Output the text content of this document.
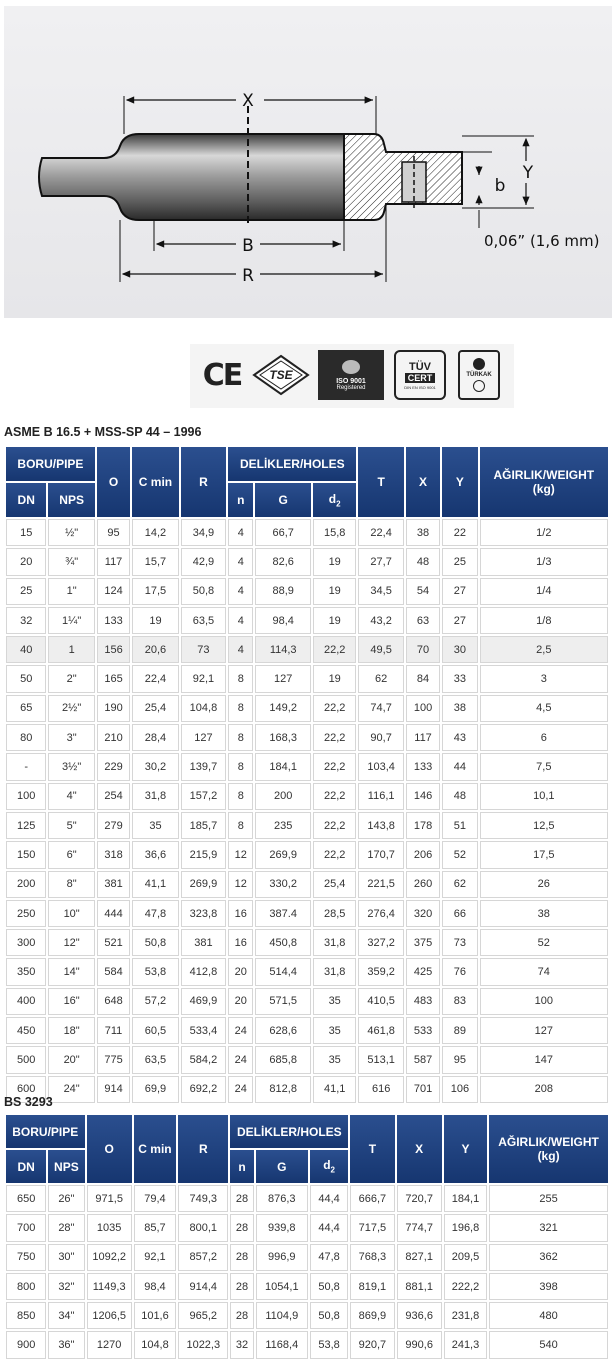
X
B
R
Y
b
0,06” (1,6 mm)
CE TSE	ISO 9001
Registered
TÜV
CERT
DIN EN ISO 9001
TÜRKAK
ASME B 16.5 + MSS-SP 44 – 1996
BORU/PIPE		O	C min	R	DELİKLER/HOLES			T	X	Y	AĞIRLIK/WEIGHT
(kg)
DN	NPS				n	G	$d_2$
15	½"	95	14,2	34,9	4	66,7	15,8	22,4	38	22	1/2
20	¾"	117	15,7	42,9	4	82,6	19	27,7	48	25	1/3
25	1"	124	17,5	50,8	4	88,9	19	34,5	54	27	1/4
32	1¼"	133	19	63,5	4	98,4	19	43,2	63	27	1/8
40	1	156	20,6	73	4	114,3	22,2	49,5	70	30	2,5
50	2"	165	22,4	92,1	8	127	19	62	84	33	3
65	2½"	190	25,4	104,8	8	149,2	22,2	74,7	100	38	4,5
80	3"	210	28,4	127	8	168,3	22,2	90,7	117	43	6
-	3½"	229	30,2	139,7	8	184,1	22,2	103,4	133	44	7,5
100	4"	254	31,8	157,2	8	200	22,2	116,1	146	48	10,1
125	5"	279	35	185,7	8	235	22,2	143,8	178	51	12,5
150	6"	318	36,6	215,9	12	269,9	22,2	170,7	206	52	17,5
200	8"	381	41,1	269,9	12	330,2	25,4	221,5	260	62	26
250	10"	444	47,8	323,8	16	387.4	28,5	276,4	320	66	38
300	12"	521	50,8	381	16	450,8	31,8	327,2	375	73	52
350	14"	584	53,8	412,8	20	514,4	31,8	359,2	425	76	74
400	16"	648	57,2	469,9	20	571,5	35	410,5	483	83	100
450	18"	711	60,5	533,4	24	628,6	35	461,8	533	89	127
500	20"	775	63,5	584,2	24	685,8	35	513,1	587	95	147
600	24"	914	69,9	692,2	24	812,8	41,1	616	701	106	208
BS 3293
BORU/PIPE		O	C min	R	DELİKLER/HOLES			T	X	Y	AĞIRLIK/WEIGHT
(kg)
DN	NPS				n	G	$d_2$
650	26"	971,5	79,4	749,3	28	876,3	44,4	666,7	720,7	184,1	255
700	28"	1035	85,7	800,1	28	939,8	44,4	717,5	774,7	196,8	321
750	30"	1092,2	92,1	857,2	28	996,9	47,8	768,3	827,1	209,5	362
800	32"	1149,3	98,4	914,4	28	1054,1	50,8	819,1	881,1	222,2	398
850	34"	1206,5	101,6	965,2	28	1104,9	50,8	869,9	936,6	231,8	480
900	36"	1270	104,8	1022,3	32	1168,4	53,8	920,7	990,6	241,3	540
